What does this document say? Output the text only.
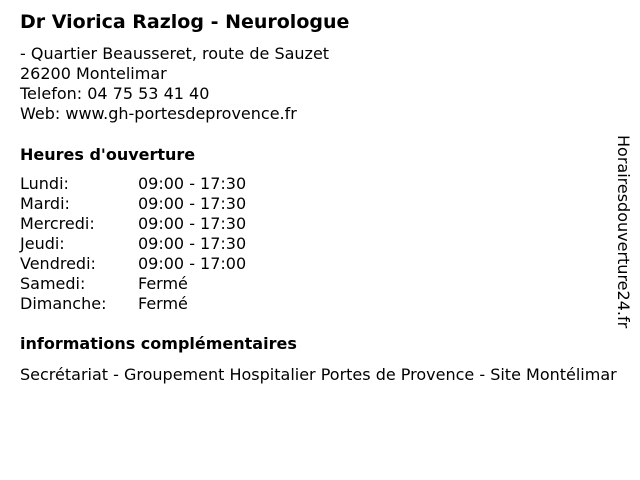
Dr Viorica Razlog - Neurologue
- Quartier Beausseret, route de Sauzet
26200 Montelimar
Telefon: 04 75 53 41 40
Web: www.gh-portesdeprovence.fr
Heures d'ouverture
Lundi:	09:00 - 17:30
Mardi:	09:00 - 17:30
Mercredi:	09:00 - 17:30
Jeudi:	09:00 - 17:30
Vendredi:	09:00 - 17:00
Samedi:	Fermé
Dimanche:	Fermé
informations complémentaires
Secrétariat - Groupement Hospitalier Portes de Provence - Site Montélimar
Horairesdouverture24.fr
